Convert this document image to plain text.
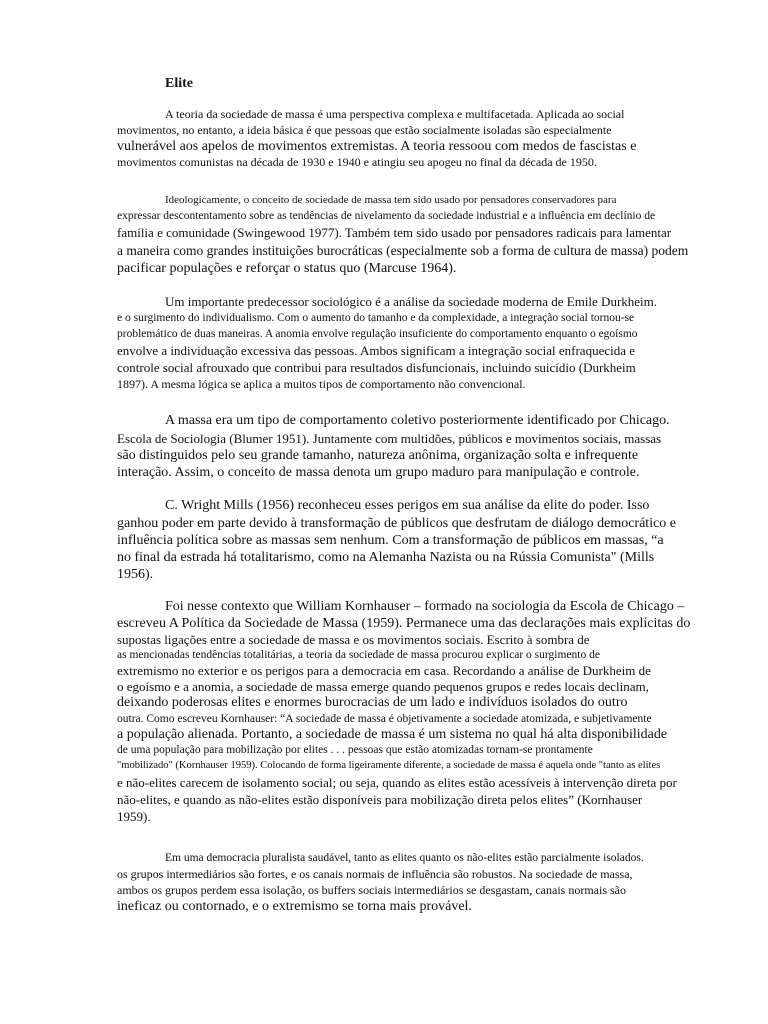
Elite
A teoria da sociedade de massa é uma perspectiva complexa e multifacetada. Aplicada ao social
movimentos, no entanto, a ideia básica é que pessoas que estão socialmente isoladas são especialmente
vulnerável aos apelos de movimentos extremistas. A teoria ressoou com medos de fascistas e
movimentos comunistas na década de 1930 e 1940 e atingiu seu apogeu no final da década de 1950.
Ideologicamente, o conceito de sociedade de massa tem sido usado por pensadores conservadores para
expressar descontentamento sobre as tendências de nivelamento da sociedade industrial e a influência em declínio de
família e comunidade (Swingewood 1977). Também tem sido usado por pensadores radicais para lamentar
a maneira como grandes instituições burocráticas (especialmente sob a forma de cultura de massa) podem
pacificar populações e reforçar o status quo (Marcuse 1964).
Um importante predecessor sociológico é a análise da sociedade moderna de Emile Durkheim.
e o surgimento do individualismo. Com o aumento do tamanho e da complexidade, a integração social tornou-se
problemático de duas maneiras. A anomia envolve regulação insuficiente do comportamento enquanto o egoísmo
envolve a individuação excessiva das pessoas. Ambos significam a integração social enfraquecida e
controle social afrouxado que contribui para resultados disfuncionais, incluindo suicídio (Durkheim
1897). A mesma lógica se aplica a muitos tipos de comportamento não convencional.
A massa era um tipo de comportamento coletivo posteriormente identificado por Chicago.
Escola de Sociologia (Blumer 1951). Juntamente com multidões, públicos e movimentos sociais, massas
são distinguidos pelo seu grande tamanho, natureza anônima, organização solta e infrequente
interação. Assim, o conceito de massa denota um grupo maduro para manipulação e controle.
C. Wright Mills (1956) reconheceu esses perigos em sua análise da elite do poder. Isso
ganhou poder em parte devido à transformação de públicos que desfrutam de diálogo democrático e
influência política sobre as massas sem nenhum. Com a transformação de públicos em massas, “a
no final da estrada há totalitarismo, como na Alemanha Nazista ou na Rússia Comunista" (Mills
1956).
Foi nesse contexto que William Kornhauser – formado na sociologia da Escola de Chicago –
escreveu A Política da Sociedade de Massa (1959). Permanece uma das declarações mais explícitas do
supostas ligações entre a sociedade de massa e os movimentos sociais. Escrito à sombra de
as mencionadas tendências totalitárias, a teoria da sociedade de massa procurou explicar o surgimento de
extremismo no exterior e os perigos para a democracia em casa. Recordando a análise de Durkheim de
o egoísmo e a anomia, a sociedade de massa emerge quando pequenos grupos e redes locais declinam,
deixando poderosas elites e enormes burocracias de um lado e indivíduos isolados do outro
outra. Como escreveu Kornhauser: “A sociedade de massa é objetivamente a sociedade atomizada, e subjetivamente
a população alienada. Portanto, a sociedade de massa é um sistema no qual há alta disponibilidade
de uma população para mobilização por elites . . . pessoas que estão atomizadas tornam-se prontamente
"mobilizado" (Kornhauser 1959). Colocando de forma ligeiramente diferente, a sociedade de massa é aquela onde "tanto as elites
e não-elites carecem de isolamento social; ou seja, quando as elites estão acessíveis à intervenção direta por
não-elites, e quando as não-elites estão disponíveis para mobilização direta pelos elites” (Kornhauser
1959).
Em uma democracia pluralista saudável, tanto as elites quanto os não-elites estão parcialmente isolados.
os grupos intermediários são fortes, e os canais normais de influência são robustos. Na sociedade de massa,
ambos os grupos perdem essa isolação, os buffers sociais intermediários se desgastam, canais normais são
ineficaz ou contornado, e o extremismo se torna mais provável.
